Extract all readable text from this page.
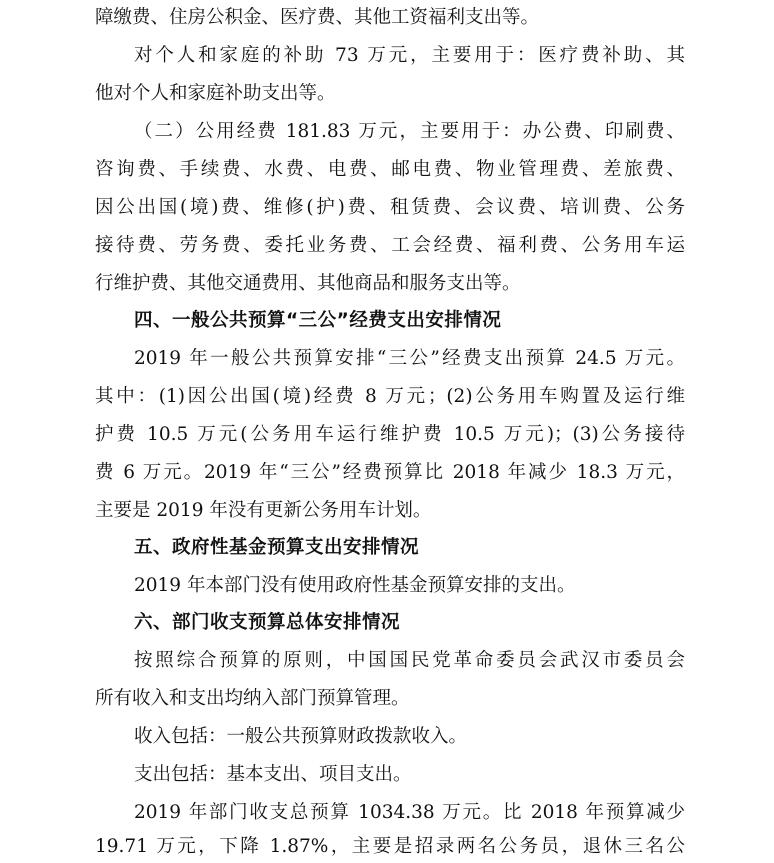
障缴费、住房公积金、医疗费、其他工资福利支出等。
对个人和家庭的补助 73 万元，主要用于：医疗费补助、其
他对个人和家庭补助支出等。
（二）公用经费 181.83 万元，主要用于：办公费、印刷费、
咨询费、手续费、水费、电费、邮电费、物业管理费、差旅费、
因公出国(境)费、维修(护)费、租赁费、会议费、培训费、公务
接待费、劳务费、委托业务费、工会经费、福利费、公务用车运
行维护费、其他交通费用、其他商品和服务支出等。
四、一般公共预算“三公”经费支出安排情况
2019 年一般公共预算安排“三公”经费支出预算 24.5 万元。
其中：(1)因公出国(境)经费 8 万元；(2)公务用车购置及运行维
护费 10.5 万元(公务用车运行维护费 10.5 万元)；(3)公务接待
费 6 万元。2019 年“三公”经费预算比 2018 年减少 18.3 万元，
主要是 2019 年没有更新公务用车计划。
五、政府性基金预算支出安排情况
2019 年本部门没有使用政府性基金预算安排的支出。
六、部门收支预算总体安排情况
按照综合预算的原则，中国国民党革命委员会武汉市委员会
所有收入和支出均纳入部门预算管理。
收入包括：一般公共预算财政拨款收入。
支出包括：基本支出、项目支出。
2019 年部门收支总预算 1034.38 万元。比 2018 年预算减少
19.71 万元，下降 1.87%，主要是招录两名公务员，退休三名公
